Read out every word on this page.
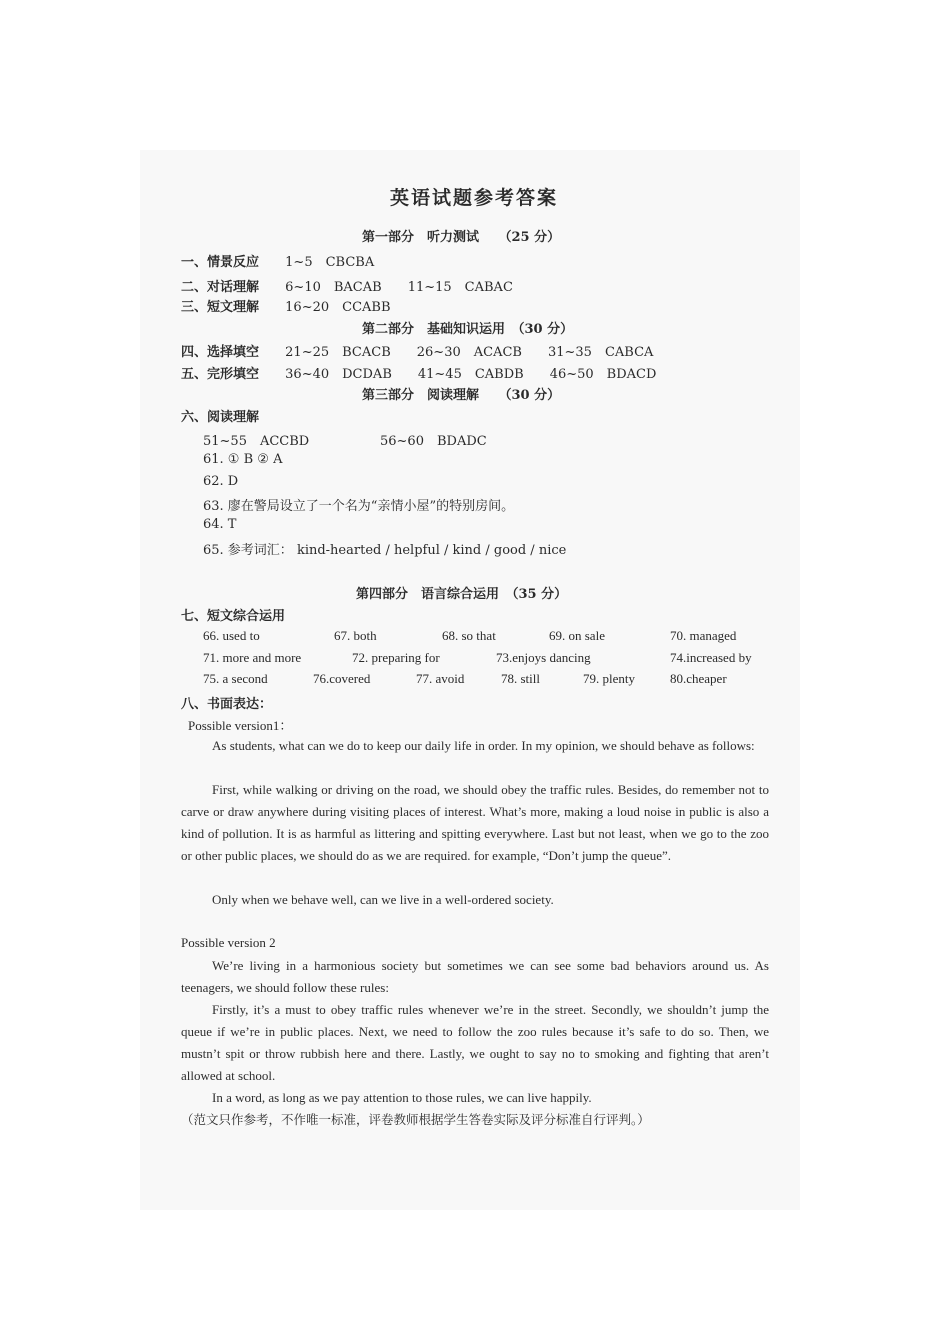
英语试题参考答案
第一部分　听力测试　　（25 分）
一、情景反应 1~5　CBCBA
二、对话理解 6~10　BACAB　　11~15　CABAC
三、短文理解 16~20　CCABB
第二部分　基础知识运用　（30 分）
四、选择填空 21~25　BCACB　　26~30　ACACB　　31~35　CABCA
五、完形填空 36~40　DCDAB　　41~45　CABDB　　46~50　BDACD
第三部分　阅读理解　　（30 分）
六、阅读理解
51~55　ACCBD	56~60　BDADC
61. ① B ② A
62. D
63. 廖在警局设立了一个名为“亲情小屋”的特别房间。
64. T
65. 参考词汇： kind-hearted / helpful / kind / good / nice
第四部分　语言综合运用　（35 分）
七、短文综合运用
66. used to	67. both	68. so that	69. on sale	70. managed
71. more and more	72. preparing for	73.enjoys dancing	74.increased by
75. a second	76.covered	77. avoid	78. still	79. plenty	80.cheaper
八、书面表达：
Possible version1：
As students, what can we do to keep our daily life in order. In my opinion, we should behave as follows:
First, while walking or driving on the road, we should obey the traffic rules. Besides, do remember not to carve or draw anywhere during visiting places of interest. What’s more, making a loud noise in public is also a kind of pollution. It is as harmful as littering and spitting everywhere. Last but not least, when we go to the zoo or other public places, we should do as we are required. for example, “Don’t jump the queue”.
Only when we behave well, can we live in a well-ordered society.
Possible version 2
We’re living in a harmonious society but sometimes we can see some bad behaviors around us. As teenagers, we should follow these rules:
Firstly, it’s a must to obey traffic rules whenever we’re in the street. Secondly, we shouldn’t jump the queue if we’re in public places. Next, we need to follow the zoo rules because it’s safe to do so. Then, we mustn’t spit or throw rubbish here and there. Lastly, we ought to say no to smoking and fighting that aren’t allowed at school.
In a word, as long as we pay attention to those rules, we can live happily.
（范文只作参考，不作唯一标准，评卷教师根据学生答卷实际及评分标准自行评判。）
